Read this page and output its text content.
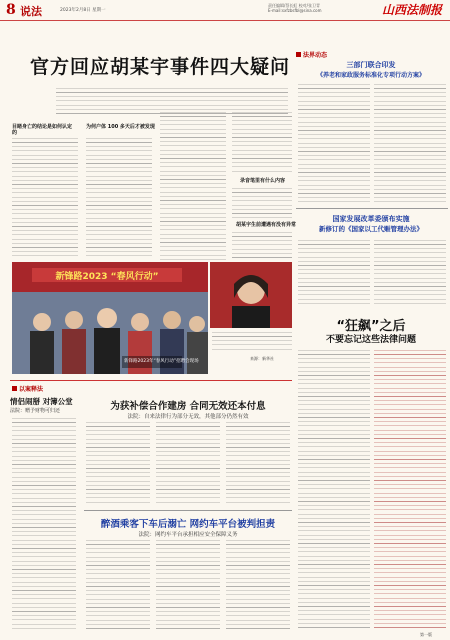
8 说法	2023年2月8日 星期一
责任编辑/蔡长虹 校对/张卫青
E-mail:sxfzbsfbl@sina.com	山西法制报
官方回应胡某宇事件四大疑问
目睹身亡的结论是如何认定的
为何户体 100 多天后才被发现
录音笔里有什么内容
胡某宇生前遭遇有没有异常
新锋路2023 “春风行动”
新锋路2023年“春风行动”招聘会现场
来源：新华社
法界动态
三部门联合印发
《养老和家政服务标准化专项行动方案》
国家发展改革委颁布实施
新修订的《国家以工代赈管理办法》
“狂飙”之后
不要忘记这些法律问题
以案释法
情侣闹掰 对簿公堂
法院：赠予财物可归还	为获补偿合作建房 合同无效还本付息
法院：自来法律行为部分无效，其他部分仍然有效
醉酒乘客下车后溺亡 网约车平台被判担责
法院：网约车平台承担相应安全保障义务
第一版
